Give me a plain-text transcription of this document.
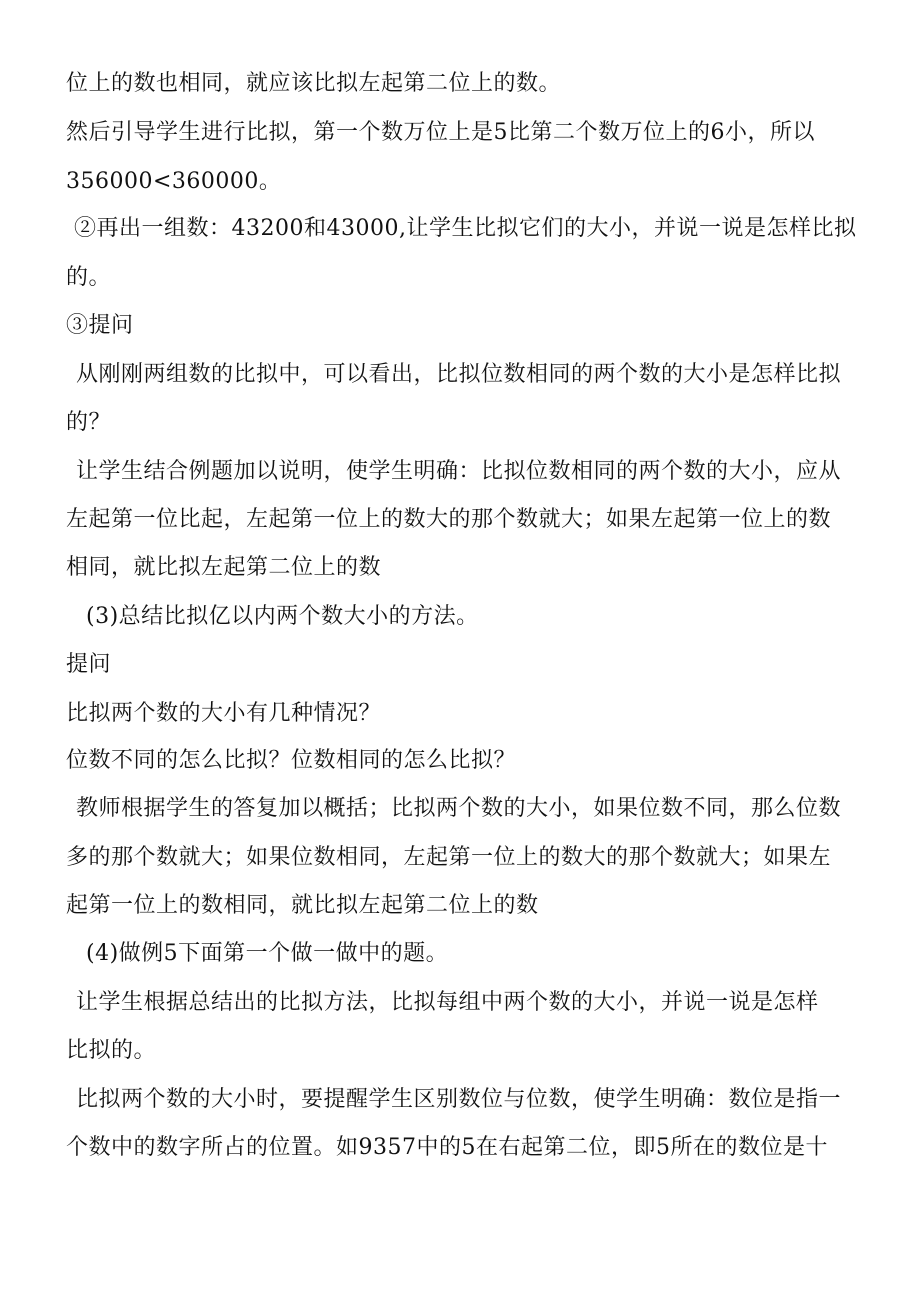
位上的数也相同，就应该比拟左起第二位上的数。
然后引导学生进行比拟，第一个数万位上是5比第二个数万位上的6小，所以
356000<360000。
②再出一组数：43200和43000,让学生比拟它们的大小，并说一说是怎样比拟
的。
③提问
从刚刚两组数的比拟中，可以看出，比拟位数相同的两个数的大小是怎样比拟
的？
让学生结合例题加以说明，使学生明确：比拟位数相同的两个数的大小，应从
左起第一位比起，左起第一位上的数大的那个数就大；如果左起第一位上的数
相同，就比拟左起第二位上的数
(3)总结比拟亿以内两个数大小的方法。
提问
比拟两个数的大小有几种情况？
位数不同的怎么比拟？位数相同的怎么比拟？
教师根据学生的答复加以概括；比拟两个数的大小，如果位数不同，那么位数
多的那个数就大；如果位数相同，左起第一位上的数大的那个数就大；如果左
起第一位上的数相同，就比拟左起第二位上的数
(4)做例5下面第一个做一做中的题。
让学生根据总结出的比拟方法，比拟每组中两个数的大小，并说一说是怎样
比拟的。
比拟两个数的大小时，要提醒学生区别数位与位数，使学生明确：数位是指一
个数中的数字所占的位置。如9357中的5在右起第二位，即5所在的数位是十
